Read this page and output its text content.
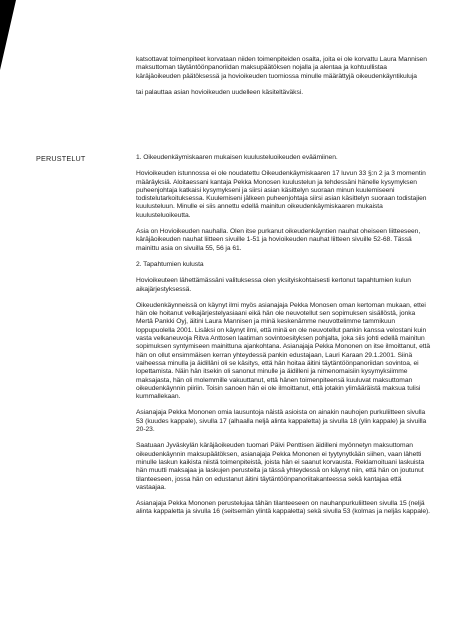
katsottavat toimenpiteet korvataan niiden toimenpiteiden osalta, joita ei ole korvattu Laura Mannisen maksuttoman täytäntöönpanoriidan maksupäätöksen nojalla ja alentaa ja kohtuullistaa käräjäoikeuden päätöksessä ja hovioikeuden tuomiossa minulle määrättyjä oikeudenkäyntikuluja

tai palauttaa asian hovioikeuden uudelleen käsiteltäväksi.

PERUSTELUT	1. Oikeudenkäymiskaaren mukaisen kuulusteluoikeuden eväämiinen.

Hovioikeuden istunnossa ei ole noudatettu Oikeudenkäymiskaaren 17 luvun 33 §:n 2 ja 3 momentin määräyksiä. Aloitaessani kantaja Pekka Monosen kuulustelun ja tehdessäni hänelle kysymyksen puheenjohtaja katkaisi kysymykseni ja siirsi asian käsittelyn suoraan minun kuulemiseeni todistelutarkoituksessa. Kuulemiseni jälkeen puheenjohtaja siirsi asian käsittelyn suoraan todistajien kuulusteluun. Minulle ei siis annettu edellä mainitun oikeudenkäymiskaaren mukaista kuulusteluoikeutta.

Asia on Hovioikeuden nauhalla. Olen itse purkanut oikeudenkäyntien nauhat oheiseen liitteeseen, käräjäoikeuden nauhat liitteen sivuille 1-51 ja hovioikeuden nauhat liitteen sivuille 52-68. Tässä mainittu asia on sivuilla 55, 56 ja 61.

2. Tapahtumien kulusta

Hovioikeuteen lähettämässäni valituksessa olen yksityiskohtaisesti kertonut tapahtumien kulun aikajärjestyksessä.

Oikeudenkäynneissä on käynyt ilmi myös asianajaja Pekka Monosen oman kertoman mukaan, ettei hän ole hoitanut velkajärjestelyasiaani eikä hän ole neuvotellut sen sopimuksen sisällöstä, jonka Mertä Pankki Oyj, äitini Laura Mannisen ja minä keskenämme neuvottelimme tammikuun loppupuolella 2001. Lisäksi on käynyt ilmi, että minä en ole neuvotellut pankin kanssa velostani kuin vasta velkaneuvoja Ritva Anttosen laatiman sovintoesityksen pohjalta, joka siis johti edellä mainitun sopimuksen syntymiseen mainittuna ajankohtana. Asianajaja Pekka Mononen on itse ilmoittanut, että hän on ollut ensimmäisen kerran yhteydessä pankin edustajaan, Lauri Karaan 29.1.2001. Siinä vaiheessa minulla ja äidilläni oli se käsitys, että hän hoitaa äitini täytäntöönpanoriidan sovintoa, ei lopettamista. Näin hän itsekin oli sanonut minulle ja äidilleni ja nimenomaisiin kysymyksiimme maksajasta, hän oli molemmille vakuuttanut, että hänen toimenpiteensä kuuluvat maksuttoman oikeudenkäynnin piiriin. Toisin sanoen hän ei ole ilmoittanut, että jotakin ylimääräistä maksua tulisi kummallekaan.

Asianajaja Pekka Mononen omia lausuntoja näistä asioista on ainakin nauhojen purkuliitteen sivulla 53 (kuudes kappale), sivulla 17 (alhaalla neljä alinta kappaletta) ja sivulla 18 (ylin kappale) ja sivuilla 20-23.

Saatuaan Jyväskylän käräjäoikeuden tuomari Päivi Penttisen äidilleni myönnetyn maksuttoman oikeudenkäynnin maksupäätöksen, asianajaja Pekka Mononen ei tyytynytkään siihen, vaan lähetti minulle laskun kaikista niistä toimenpiteistä, joista hän ei saanut korvausta. Reklamoituani laskuista hän muutti maksajaa ja laskujen perusteita ja tässä yhteydessä on käynyt niin, että hän on joutunut tilanteeseen, jossa hän on edustanut äitini täytäntöönpanoriitakanteessa sekä kantajaa että vastaajaa.

Asianajaja Pekka Mononen perustelujaa tähän tilanteeseen on nauhanpurkuliitteen sivulla 15 (neljä alinta kappaletta ja sivulla 16 (seitsemän ylintä kappaletta) sekä sivulla 53 (kolmas ja neljäs kappale).
